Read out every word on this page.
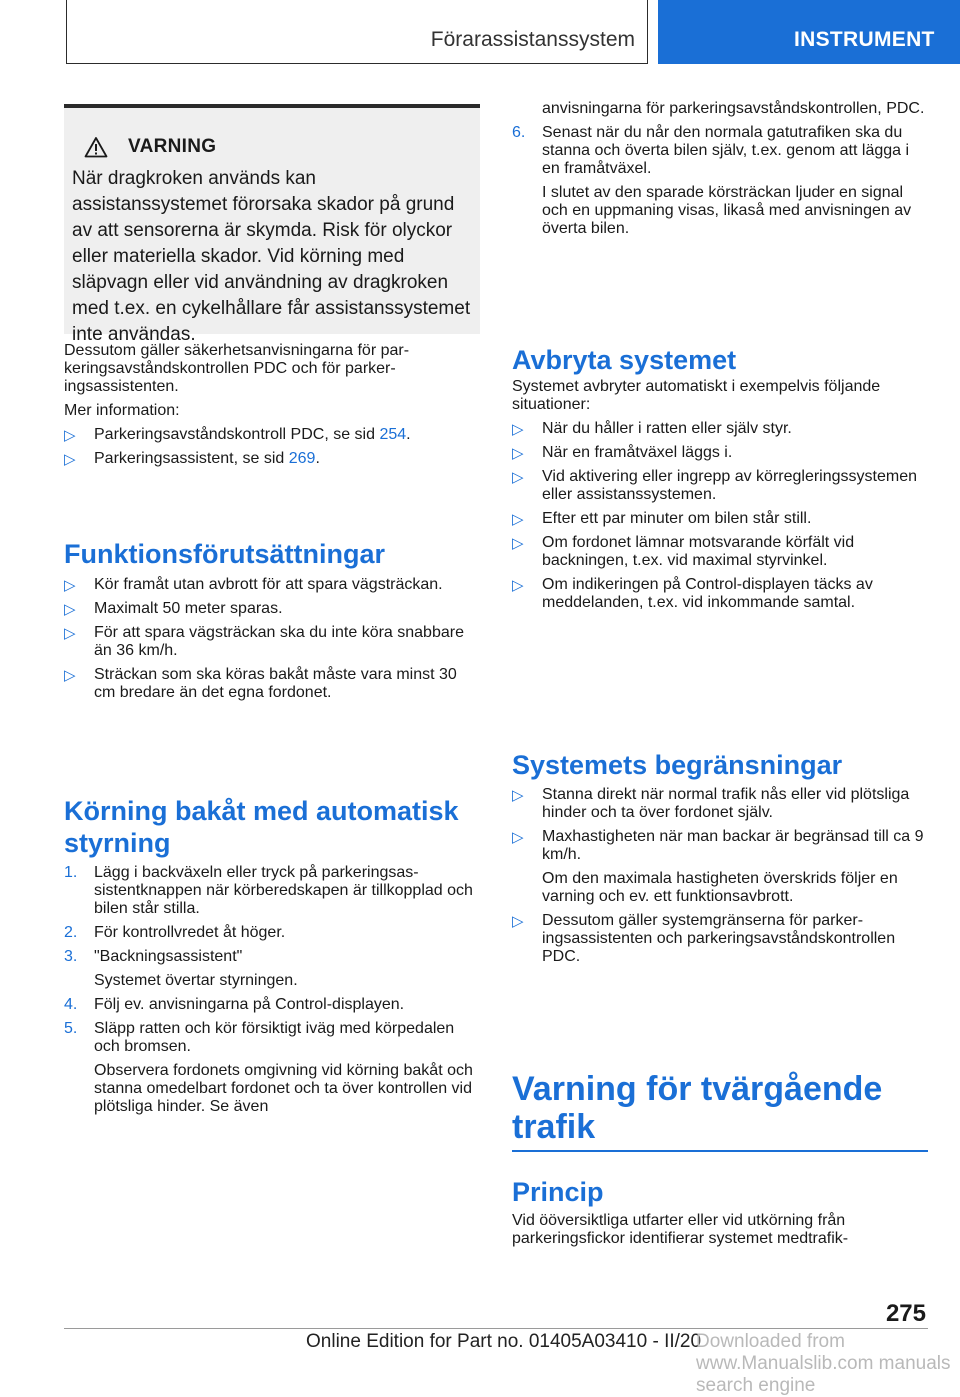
Förarassistanssystem	INSTRUMENT
VARNING

När dragkroken används kan assistanssystemet förorsaka skador på grund av att sensorerna är skymda. Risk för olyckor eller materiella skador. Vid körning med släpvagn eller vid användning av dragkroken med t.ex. en cykelhållare får assistanssystemet inte användas.

Dessutom gäller säkerhetsanvisningarna för parkeringsavståndskontrollen PDC och för parkeringsassistenten.

Mer information:

▷	Parkeringsavståndskontroll PDC, se sid 254.
▷	Parkeringsassistent, se sid 269.
Funktionsförutsättningar
▷	Kör framåt utan avbrott för att spara vägsträckan.
▷	Maximalt 50 meter sparas.
▷	För att spara vägsträckan ska du inte köra snabbare än 36 km/h.
▷	Sträckan som ska köras bakåt måste vara minst 30 cm bredare än det egna fordonet.
Körning bakåt med automatisk styrning
1.	Lägg i backväxeln eller tryck på parkeringsassistentknappen när körberedskapen är tillkopplad och bilen står stilla.
2.	För kontrollvredet åt höger.
3.	"Backningsassistent"

Systemet övertar styrningen.

4.	Följ ev. anvisningarna på Control-displayen.
5.	Släpp ratten och kör försiktigt iväg med körpedalen och bromsen.

Observera fordonets omgivning vid körning bakåt och stanna omedelbart fordonet och ta över kontrollen vid plötsliga hinder. Se även

anvisningarna för parkeringsavståndskontrollen, PDC.

6.	Senast när du når den normala gatutrafiken ska du stanna och överta bilen själv, t.ex. genom att lägga i en framåtväxel.

I slutet av den sparade körsträckan ljuder en signal och en uppmaning visas, likaså med anvisningen av överta bilen.

Avbryta systemet

Systemet avbryter automatiskt i exempelvis följande situationer:

▷	När du håller i ratten eller själv styr.
▷	När en framåtväxel läggs i.
▷	Vid aktivering eller ingrepp av körregleringssystemen eller assistanssystemen.
▷	Efter ett par minuter om bilen står still.
▷	Om fordonet lämnar motsvarande körfält vid backningen, t.ex. vid maximal styrvinkel.
▷	Om indikeringen på Control-displayen täcks av meddelanden, t.ex. vid inkommande samtal.
Systemets begränsningar
▷	Stanna direkt när normal trafik nås eller vid plötsliga hinder och ta över fordonet själv.
▷	Maxhastigheten när man backar är begränsad till ca 9 km/h.

Om den maximala hastigheten överskrids följer en varning och ev. ett funktionsavbrott.

▷	Dessutom gäller systemgränserna för parkeringsassistenten och parkeringsavståndskontrollen PDC.
Varning för tvärgående trafik
Princip

Vid ööversiktliga utfarter eller vid utkörning från parkeringsfickor identifierar systemet medtrafik-

275
Online Edition for Part no. 01405A03410 - II/20
Downloaded from www.Manualslib.com manuals search engine
